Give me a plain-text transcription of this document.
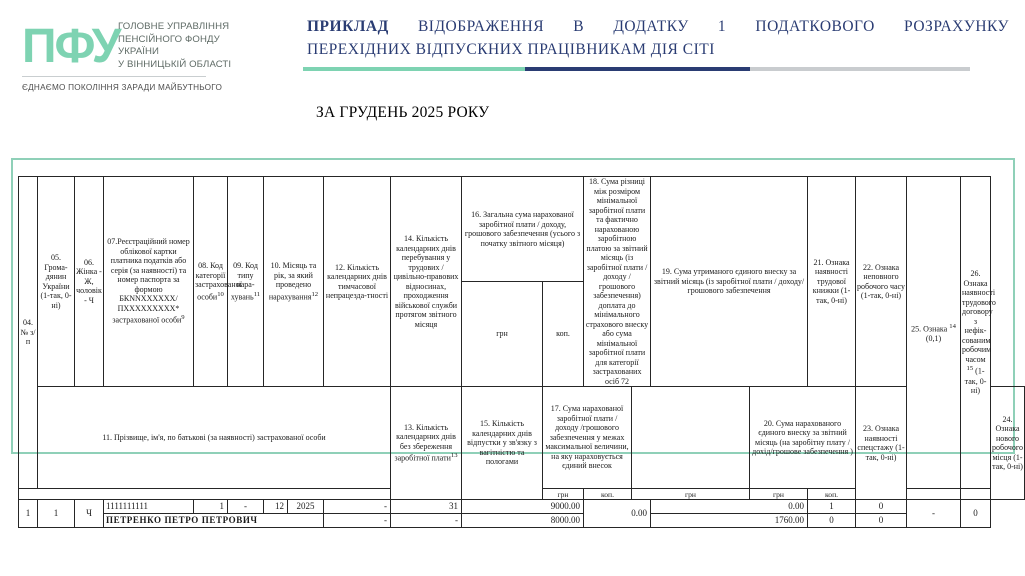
ПФУ
ГОЛОВНЕ УПРАВЛІННЯ
ПЕНСІЙНОГО ФОНДУ УКРАЇНИ
У ВІННИЦЬКІЙ ОБЛАСТІ
ЄДНАЄМО ПОКОЛІННЯ ЗАРАДИ МАЙБУТНЬОГО
ПРИКЛАД ВІДОБРАЖЕННЯ В ДОДАТКУ 1 ПОДАТКОВОГО РОЗРАХУНКУ
ПЕРЕХІДНИХ ВІДПУСКНИХ ПРАЦІВНИКАМ ДІЯ СІТІ
ЗА ГРУДЕНЬ 2025 РОКУ
04. № з/п	05. Грома-дянин України (1-так, 0-ні)	06. Жінка - Ж, чоловік - Ч	07.Реєстраційний номер облікової картки платника податків або серія (за наявності) та номер паспорта за формою БКNNXXXXXX/ ПXXXXXXXXX* застрахованої особи$^9$	08. Код категорії застрахованої особи$^{10}$	09. Код типу нара-хувань$^{11}$	10. Місяць та рік, за який проведено нарахування$^{12}$		12. Кількість календарних днів тимчасової непрацезда-тності	14. Кількість календарних днів перебування у трудових / цивільно-правових відносинах, проходження військової служби протягом звітного місяця	16. Загальна сума нарахованої заробітної плати / доходу, грошового забезпечення (усього з початку звітного місяця)		18. Сума різниці між розміром мінімальної заробітної плати та фактично нарахованою заробітною платою за звітний місяць (із заробітної плати / доходу / грошового забезпечення) доплата до мінімального страхового внеску або сума мінімальної заробітної плати для категорії застрахованих осіб 72		19. Сума утриманого єдиного внеску за звітний місяць (із заробітної плати / доходу/грошового забезпечення		21. Ознака наявності трудової книжки (1-так, 0-ні)	22. Ознака неповного робочого часу (1-так, 0-ні)	25. Ознака $^{14}$ (0,1)	26. Ознака наявності трудового договору з нефік-сованим робочим часом $^{15}$ (1-так, 0-ні)	
										грн	коп.									
	11. Прізвище, ім'я, по батькові (за наявності) застрахованої особи								13. Кількість календарних днів без збереження заробітної плати$^{13}$	15. Кількість календарних днів відпустки у зв'язку з вагітністю та пологами	17. Сума нарахованої заробітної плати / доходу /грошового забезпечення у межах максимальної величини, на яку нараховується єдиний внесок				20. Сума нарахованого єдиного внеску за звітний місяць (на заробітну плату / дохід/грошове забезпечення )		23. Ознака наявності спецстажу (1-так, 0-ні)			24. Ознака нового робочого місця (1-так, 0-ні)
											грн	коп.	грн		грн	коп.				
1	1	Ч	1111111111	1	-	12	2025	-	31	9000.00		0.00		0.00		1	0	-	0	
			ПЕТРЕНКО ПЕТРО ПЕТРОВИЧ					-	-	8000.00				1760.00		0	0			
